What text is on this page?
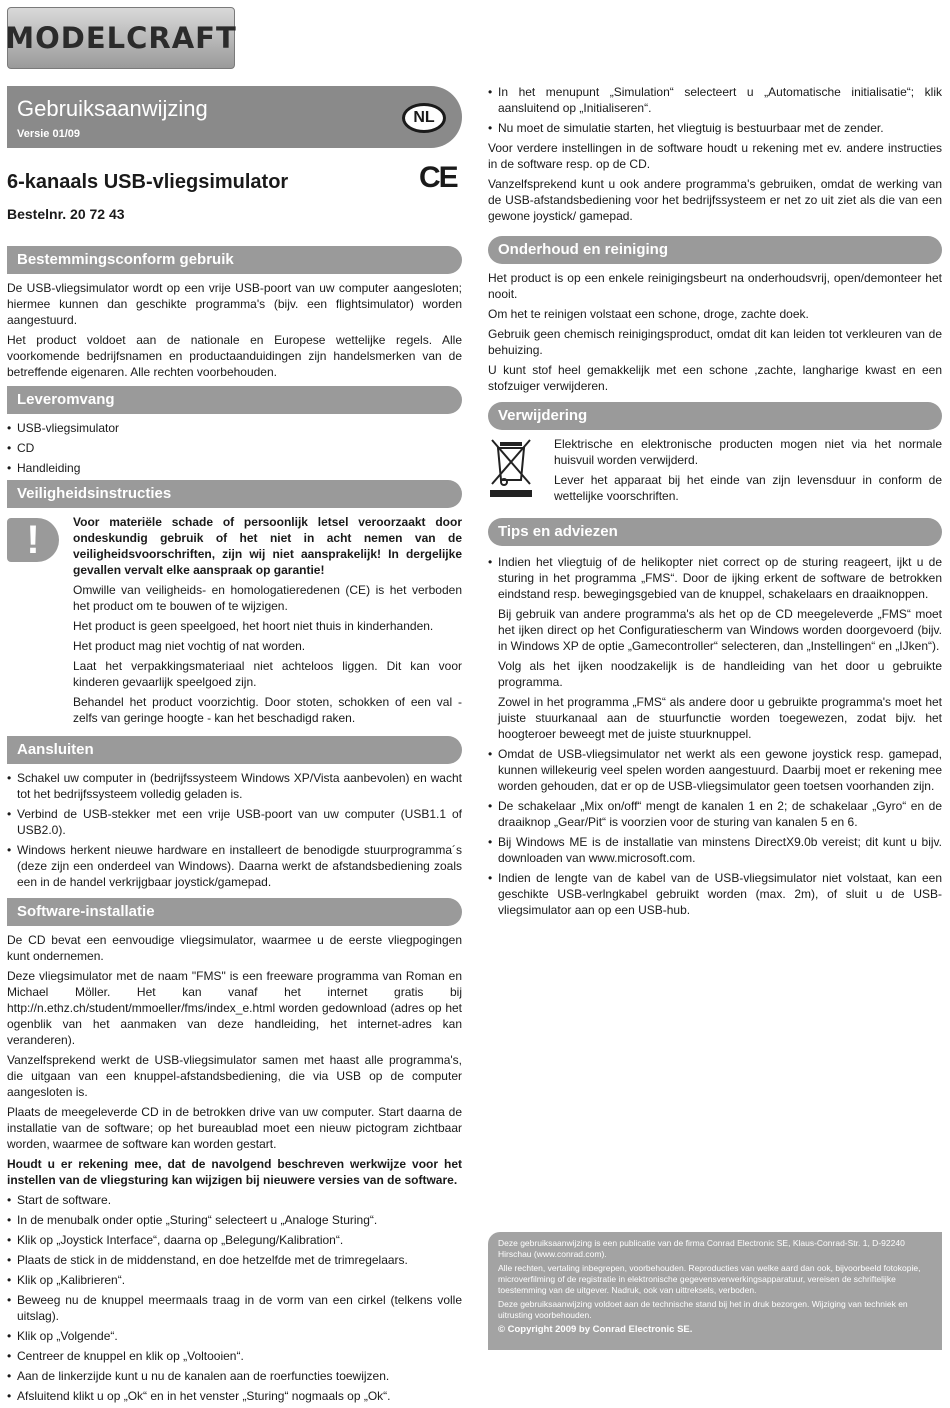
MODELCRAFT
Gebruiksaanwijzing
Versie 01/09
NL
6-kanaals USB-vliegsimulator	CE
Bestelnr. 20 72 43
Bestemmingsconform gebruik

De USB-vliegsimulator wordt op een vrije USB-poort van uw computer aangesloten; hiermee kunnen dan geschikte programma's (bijv. een flightsimulator) worden aangestuurd.

Het product voldoet aan de nationale en Europese wettelijke regels. Alle voorkomende bedrijfsnamen en productaanduidingen zijn handelsmerken van de betreffende eigenaren. Alle rechten voorbehouden.

Leveromvang
• USB-vliegsimulator
• CD
• Handleiding
Veiligheidsinstructies
!	Voor materiële schade of persoonlijk letsel veroorzaakt door ondeskundig gebruik of het niet in acht nemen van de veiligheidsvoorschriften, zijn wij niet aansprakelijk! In dergelijke gevallen vervalt elke aanspraak op garantie!

Omwille van veiligheids- en homologatieredenen (CE) is het verboden het product om te bouwen of te wijzigen.

Het product is geen speelgoed, het hoort niet thuis in kinderhanden.

Het product mag niet vochtig of nat worden.

Laat het verpakkingsmateriaal niet achteloos liggen. Dit kan voor kinderen gevaarlijk speelgoed zijn.

Behandel het product voorzichtig. Door stoten, schokken of een val - zelfs van geringe hoogte - kan het beschadigd raken.

Aansluiten
• Schakel uw computer in (bedrijfssysteem Windows XP/Vista aanbevolen) en wacht tot het bedrijfssysteem volledig geladen is.
• Verbind de USB-stekker met een vrije USB-poort van uw computer (USB1.1 of USB2.0).
• Windows herkent nieuwe hardware en installeert de benodigde stuurprogramma´s (deze zijn een onderdeel van Windows). Daarna werkt de afstandsbediening zoals een in de handel verkrijgbaar joystick/gamepad.
Software-installatie

De CD bevat een eenvoudige vliegsimulator, waarmee u de eerste vliegpogingen kunt ondernemen.

Deze vliegsimulator met de naam "FMS" is een freeware programma van Roman en Michael Möller. Het kan vanaf het internet gratis bij http://n.ethz.ch/student/mmoeller/fms/index_e.html worden gedownload (adres op het ogenblik van het aanmaken van deze handleiding, het internet-adres kan veranderen).

Vanzelfsprekend werkt de USB-vliegsimulator samen met haast alle programma's, die uitgaan van een knuppel-afstandsbediening, die via USB op de computer aangesloten is.

Plaats de meegeleverde CD in de betrokken drive van uw computer. Start daarna de installatie van de software; op het bureaublad moet een nieuw pictogram zichtbaar worden, waarmee de software kan worden gestart.

Houdt u er rekening mee, dat de navolgend beschreven werkwijze voor het instellen van de vliegsturing kan wijzigen bij nieuwere versies van de software.

• Start de software.
• In de menubalk onder optie „Sturing“ selecteert u „Analoge Sturing“.
• Klik op „Joystick Interface“, daarna op „Belegung/Kalibration“.
• Plaats de stick in de middenstand, en doe hetzelfde met de trimregelaars.
• Klik op „Kalibrieren“.
• Beweeg nu de knuppel meermaals traag in de vorm van een cirkel (telkens volle uitslag).
• Klik op „Volgende“.
• Centreer de knuppel en klik op „Voltooien“.
• Aan de linkerzijde kunt u nu de kanalen aan de roerfuncties toewijzen.
• Afsluitend klikt u op „Ok“ en in het venster „Sturing“ nogmaals op „Ok“.
• In het menupunt „Simulation“ selecteert u „Automatische initialisatie“; klik aansluitend op „Initialiseren“.
• Nu moet de simulatie starten, het vliegtuig is bestuurbaar met de zender.

Voor verdere instellingen in de software houdt u rekening met ev. andere instructies in de software resp. op de CD.

Vanzelfsprekend kunt u ook andere programma's gebruiken, omdat de werking van de USB-afstandsbediening voor het bedrijfssysteem er net zo uit ziet als die van een gewone joystick/ gamepad.

Onderhoud en reiniging

Het product is op een enkele reinigingsbeurt na onderhoudsvrij, open/demonteer het nooit.

Om het te reinigen volstaat een schone, droge, zachte doek.

Gebruik geen chemisch reinigingsproduct, omdat dit kan leiden tot verkleuren van de behuizing.

U kunt stof heel gemakkelijk met een schone ,zachte, langharige kwast en een stofzuiger verwijderen.

Verwijdering

Elektrische en elektronische producten mogen niet via het normale huisvuil worden verwijderd.

Lever het apparaat bij het einde van zijn levensduur in conform de wettelijke voorschriften.

Tips en adviezen
• Indien het vliegtuig of de helikopter niet correct op de sturing reageert, ijkt u de sturing in het programma „FMS“. Door de ijking erkent de software de betrokken eindstand resp. bewegingsgebied van de knuppel, schakelaars en draaiknoppen.
Bij gebruik van andere programma's als het op de CD meegeleverde „FMS“ moet het ijken direct op het Configuratiescherm van Windows worden doorgevoerd (bijv. in Windows XP de optie „Gamecontroller“ selecteren, dan „Instellingen“ en „IJken“).
Volg als het ijken noodzakelijk is de handleiding van het door u gebruikte programma.
Zowel in het programma „FMS“ als andere door u gebruikte programma's moet het juiste stuurkanaal aan de stuurfunctie worden toegewezen, zodat bijv. het hoogteroer beweegt met de juiste stuurknuppel.
• Omdat de USB-vliegsimulator net werkt als een gewone joystick resp. gamepad, kunnen willekeurig veel spelen worden aangestuurd. Daarbij moet er rekening mee worden gehouden, dat er op de USB-vliegsimulator geen toetsen voorhanden zijn.
• De schakelaar „Mix on/off“ mengt de kanalen 1 en 2; de schakelaar „Gyro“ en de draaiknop „Gear/Pit“ is voorzien voor de sturing van kanalen 5 en 6.
• Bij Windows ME is de installatie van minstens DirectX9.0b vereist; dit kunt u bijv. downloaden van www.microsoft.com.
• Indien de lengte van de kabel van de USB-vliegsimulator niet volstaat, kan een geschikte USB-verlngkabel gebruikt worden (max. 2m), of sluit u de USB-vliegsimulator aan op een USB-hub.
Deze gebruiksaanwijzing is een publicatie van de firma Conrad Electronic SE, Klaus-Conrad-Str. 1, D-92240 Hirschau (www.conrad.com).
Alle rechten, vertaling inbegrepen, voorbehouden. Reproducties van welke aard dan ook, bijvoorbeeld fotokopie, microverfilming of de registratie in elektronische gegevensverwerkingsapparatuur, vereisen de schriftelijke toestemming van de uitgever. Nadruk, ook van uittreksels, verboden.
Deze gebruiksaanwijzing voldoet aan de technische stand bij het in druk bezorgen. Wijziging van techniek en uitrusting voorbehouden.
© Copyright 2009 by Conrad Electronic SE.
